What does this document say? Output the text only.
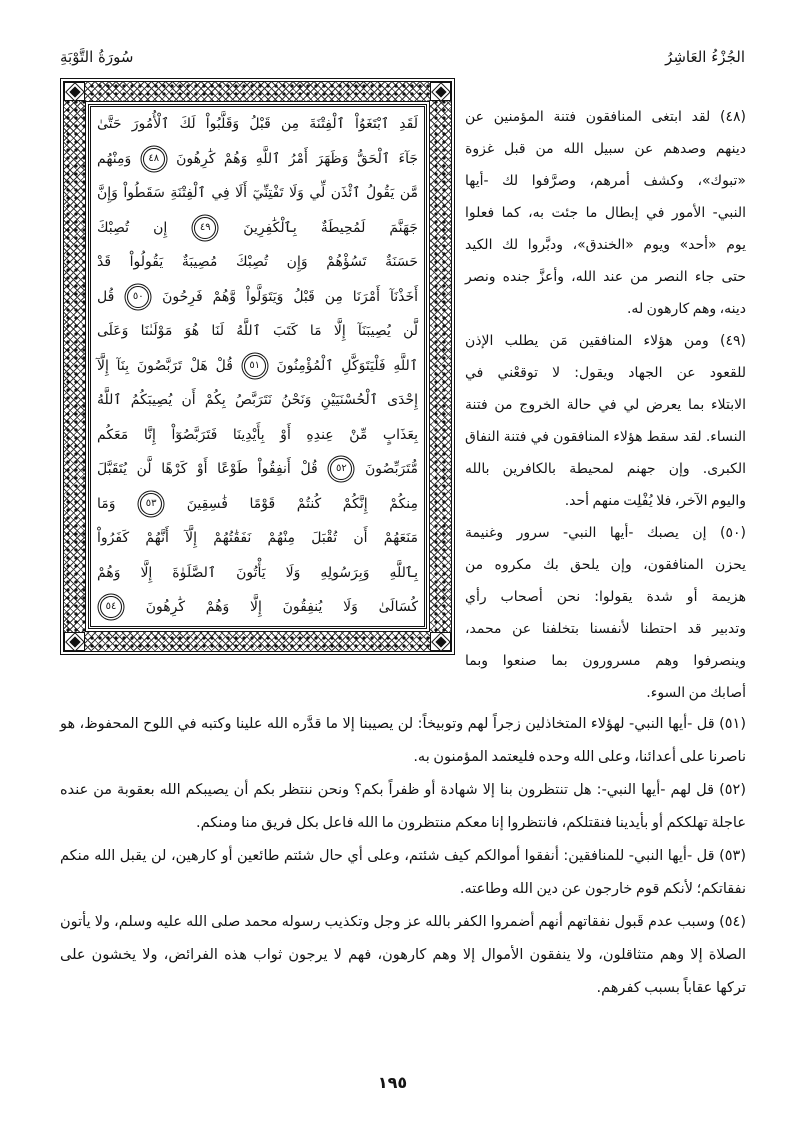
الجُزْءُ العَاشِرُ
سُورَةُ التَّوْبَةِ
لَقَدِ ٱبْتَغَوُاْ ٱلْفِتْنَةَ مِن قَبْلُ وَقَلَّبُواْ لَكَ ٱلْأُمُورَ حَتَّىٰ
جَآءَ ٱلْحَقُّ وَظَهَرَ أَمْرُ ٱللَّهِ وَهُمْ كَٰرِهُونَ ٤٨ وَمِنْهُم
مَّن يَقُولُ ٱئْذَن لِّي وَلَا تَفْتِنِّيٓ أَلَا فِي ٱلْفِتْنَةِ سَقَطُواْ وَإِنَّ
جَهَنَّمَ لَمُحِيطَةٌ بِٱلْكَٰفِرِينَ ٤٩ إِن تُصِبْكَ
حَسَنَةٌ تَسُؤْهُمْ وَإِن تُصِبْكَ مُصِيبَةٌ يَقُولُواْ قَدْ
أَخَذْنَآ أَمْرَنَا مِن قَبْلُ وَيَتَوَلَّواْ وَّهُمْ فَرِحُونَ ٥٠ قُل
لَّن يُصِيبَنَآ إِلَّا مَا كَتَبَ ٱللَّهُ لَنَا هُوَ مَوْلَىٰنَا وَعَلَى
ٱللَّهِ فَلْيَتَوَكَّلِ ٱلْمُؤْمِنُونَ ٥١ قُلْ هَلْ تَرَبَّصُونَ بِنَآ إِلَّآ
إِحْدَى ٱلْحُسْنَيَيْنِ وَنَحْنُ نَتَرَبَّصُ بِكُمْ أَن يُصِيبَكُمُ ٱللَّهُ
بِعَذَابٍ مِّنْ عِندِهِ أَوْ بِأَيْدِينَا فَتَرَبَّصُوٓاْ إِنَّا مَعَكُم
مُّتَرَبِّصُونَ ٥٢ قُلْ أَنفِقُواْ طَوْعًا أَوْ كَرْهًا لَّن يُتَقَبَّلَ
مِنكُمْ إِنَّكُمْ كُنتُمْ قَوْمًا فَٰسِقِينَ ٥٣ وَمَا
مَنَعَهُمْ أَن تُقْبَلَ مِنْهُمْ نَفَقَٰتُهُمْ إِلَّآ أَنَّهُمْ كَفَرُواْ
بِٱللَّهِ وَبِرَسُولِهِ وَلَا يَأْتُونَ ٱلصَّلَوٰةَ إِلَّا وَهُمْ
كُسَالَىٰ وَلَا يُنفِقُونَ إِلَّا وَهُمْ كَٰرِهُونَ ٥٤
(٤٨) لقد ابتغى المنافقون فتنة المؤمنين عن
دينهم وصدهم عن سبيل الله من قبل غزوة
«تبوك»، وكشف أمرهم، وصرَّفوا لك -أيها
النبي- الأمور في إبطال ما جئت به، كما فعلوا
يوم «أحد» ويوم «الخندق»، ودبَّروا لك الكيد
حتى جاء النصر من عند الله، وأعزَّ جنده ونصر
دينه، وهم كارهون له.
(٤٩) ومن هؤلاء المنافقين مَن يطلب الإذن
للقعود عن الجهاد ويقول: لا توقعْني في
الابتلاء بما يعرض لي في حالة الخروج من فتنة
النساء. لقد سقط هؤلاء المنافقون في فتنة النفاق
الكبرى. وإن جهنم لمحيطة بالكافرين بالله
واليوم الآخر، فلا يُفْلِت منهم أحد.
(٥٠) إن يصبك -أيها النبي- سرور وغنيمة
يحزن المنافقون، وإن يلحق بك مكروه من
هزيمة أو شدة يقولوا: نحن أصحاب رأي
وتدبير قد احتطنا لأنفسنا بتخلفنا عن محمد،
وينصرفوا وهم مسرورون بما صنعوا وبما
أصابك من السوء.
(٥١) قل -أيها النبي- لهؤلاء المتخاذلين زجراً لهم وتوبيخاً: لن يصيبنا إلا ما قدَّره الله علينا وكتبه في اللوح المحفوظ، هو
ناصرنا على أعدائنا، وعلى الله وحده فليعتمد المؤمنون به.
(٥٢) قل لهم -أيها النبي-: هل تنتظرون بنا إلا شهادة أو ظفراً بكم؟ ونحن ننتظر بكم أن يصيبكم الله بعقوبة من عنده
عاجلة تهلككم أو بأيدينا فنقتلكم، فانتظروا إنا معكم منتظرون ما الله فاعل بكل فريق منا ومنكم.
(٥٣) قل -أيها النبي- للمنافقين: أنفقوا أموالكم كيف شئتم، وعلى أي حال شئتم طائعين أو كارهين، لن يقبل الله منكم
نفقاتكم؛ لأنكم قوم خارجون عن دين الله وطاعته.
(٥٤) وسبب عدم قَبول نفقاتهم أنهم أضمروا الكفر بالله عز وجل وتكذيب رسوله محمد صلى الله عليه وسلم، ولا يأتون
الصلاة إلا وهم متثاقلون، ولا ينفقون الأموال إلا وهم كارهون، فهم لا يرجون ثواب هذه الفرائض، ولا يخشون على
تركها عقاباً بسبب كفرهم.
١٩٥
